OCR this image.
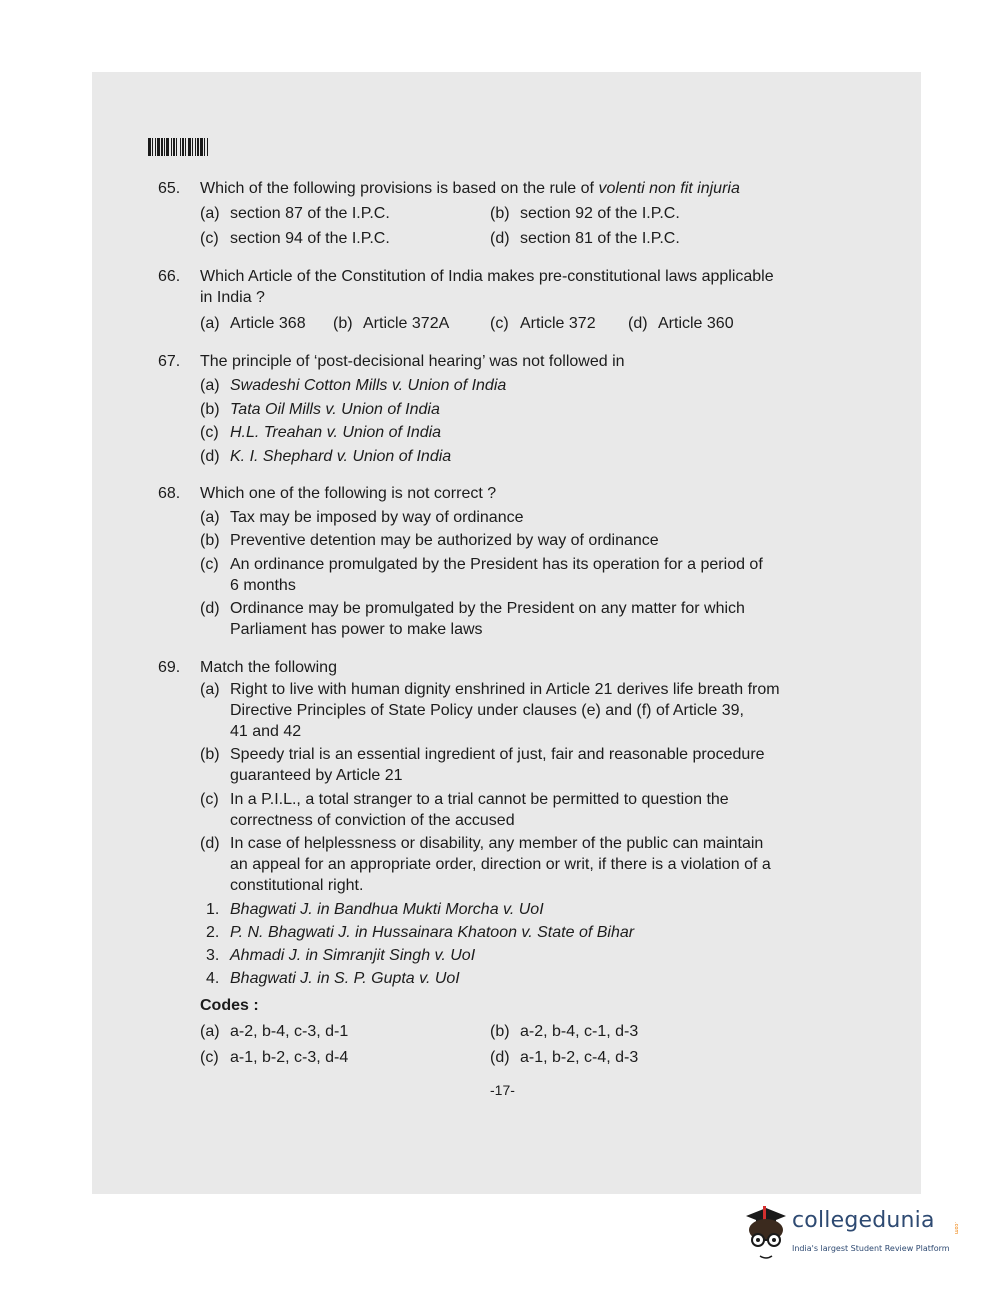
65. Which of the following provisions is based on the rule of volenti non fit injuria
(a) section 87 of the I.P.C.	(b) section 92 of the I.P.C.
(c) section 94 of the I.P.C.	(d) section 81 of the I.P.C.
66. Which Article of the Constitution of India makes pre-constitutional laws applicable
in India ?
(a) Article 368 (b) Article 372A	(c) Article 372 (d) Article 360
67. The principle of ‘post-decisional hearing’ was not followed in
(a) Swadeshi Cotton Mills v. Union of India
(b) Tata Oil Mills v. Union of India
(c) H.L. Treahan v. Union of India
(d) K. I. Shephard v. Union of India
68. Which one of the following is not correct ?
(a) Tax may be imposed by way of ordinance
(b) Preventive detention may be authorized by way of ordinance
(c) An ordinance promulgated by the President has its operation for a period of
6 months
(d) Ordinance may be promulgated by the President on any matter for which
Parliament has power to make laws
69. Match the following
(a) Right to live with human dignity enshrined in Article 21 derives life breath from
Directive Principles of State Policy under clauses (e) and (f) of Article 39,
41 and 42
(b) Speedy trial is an essential ingredient of just, fair and reasonable procedure
guaranteed by Article 21
(c) In a P.I.L., a total stranger to a trial cannot be permitted to question the
correctness of conviction of the accused
(d) In case of helplessness or disability, any member of the public can maintain
an appeal for an appropriate order, direction or writ, if there is a violation of a
constitutional right.
1. Bhagwati J. in Bandhua Mukti Morcha v. UoI
2. P. N. Bhagwati J. in Hussainara Khatoon v. State of Bihar
3. Ahmadi J. in Simranjit Singh v. UoI
4. Bhagwati J. in S. P. Gupta v. UoI
Codes :
(a) a-2, b-4, c-3, d-1	(b) a-2, b-4, c-1, d-3
(c) a-1, b-2, c-3, d-4	(d) a-1, b-2, c-4, d-3
-17-
collegedunia	.com
India's largest Student Review Platform
